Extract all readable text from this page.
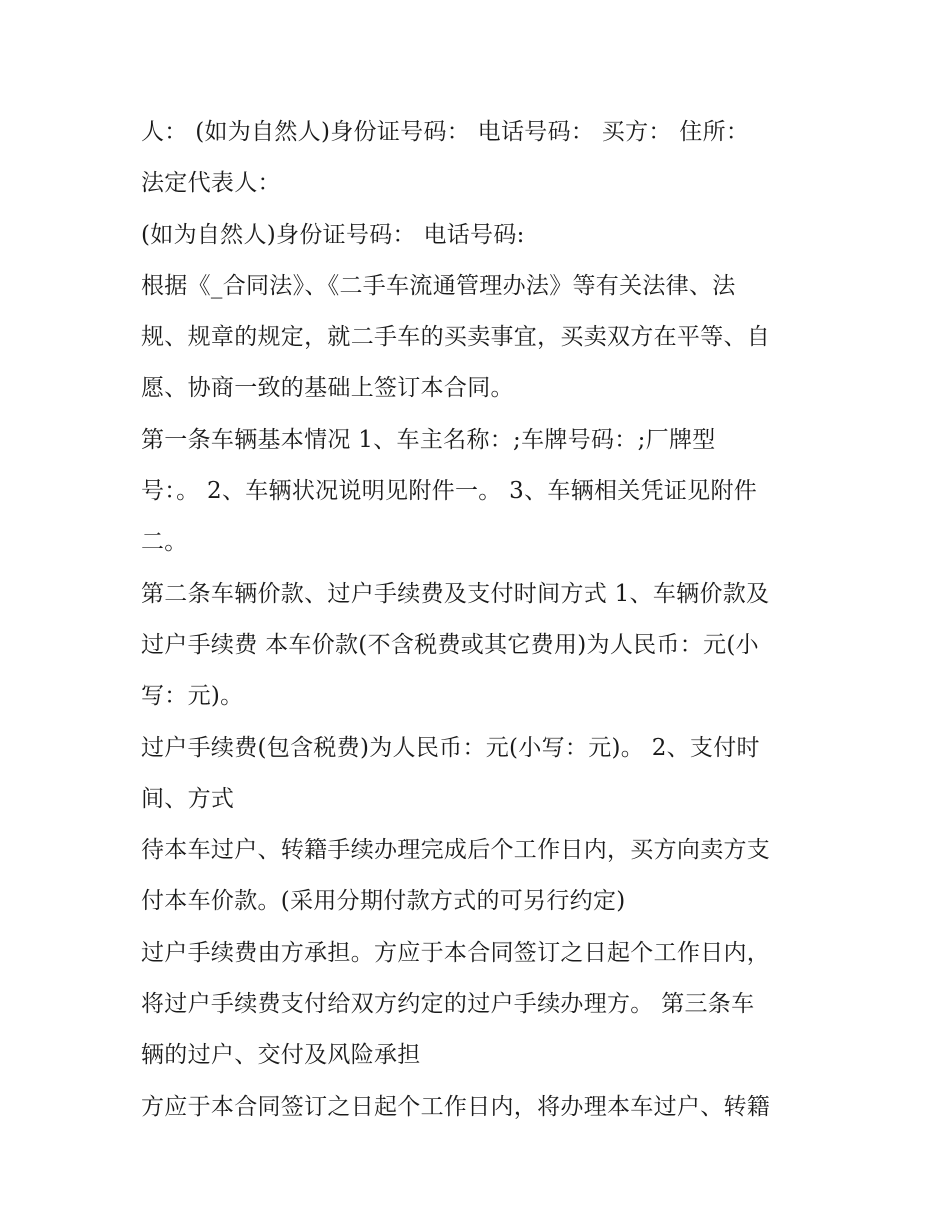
人： (如为自然人)身份证号码： 电话号码： 买方： 住所：
法定代表人：
(如为自然人)身份证号码： 电话号码:
根据《_合同法》、《二手车流通管理办法》等有关法律、法
规、规章的规定，就二手车的买卖事宜，买卖双方在平等、自
愿、协商一致的基础上签订本合同。
第一条车辆基本情况 1、车主名称：;车牌号码：;厂牌型
号：。 2、车辆状况说明见附件一。 3、车辆相关凭证见附件
二。
第二条车辆价款、过户手续费及支付时间方式 1、车辆价款及
过户手续费 本车价款(不含税费或其它费用)为人民币：元(小
写：元)。
过户手续费(包含税费)为人民币：元(小写：元)。 2、支付时
间、方式
待本车过户、转籍手续办理完成后个工作日内，买方向卖方支
付本车价款。(采用分期付款方式的可另行约定)
过户手续费由方承担。方应于本合同签订之日起个工作日内，
将过户手续费支付给双方约定的过户手续办理方。 第三条车
辆的过户、交付及风险承担
方应于本合同签订之日起个工作日内，将办理本车过户、转籍
